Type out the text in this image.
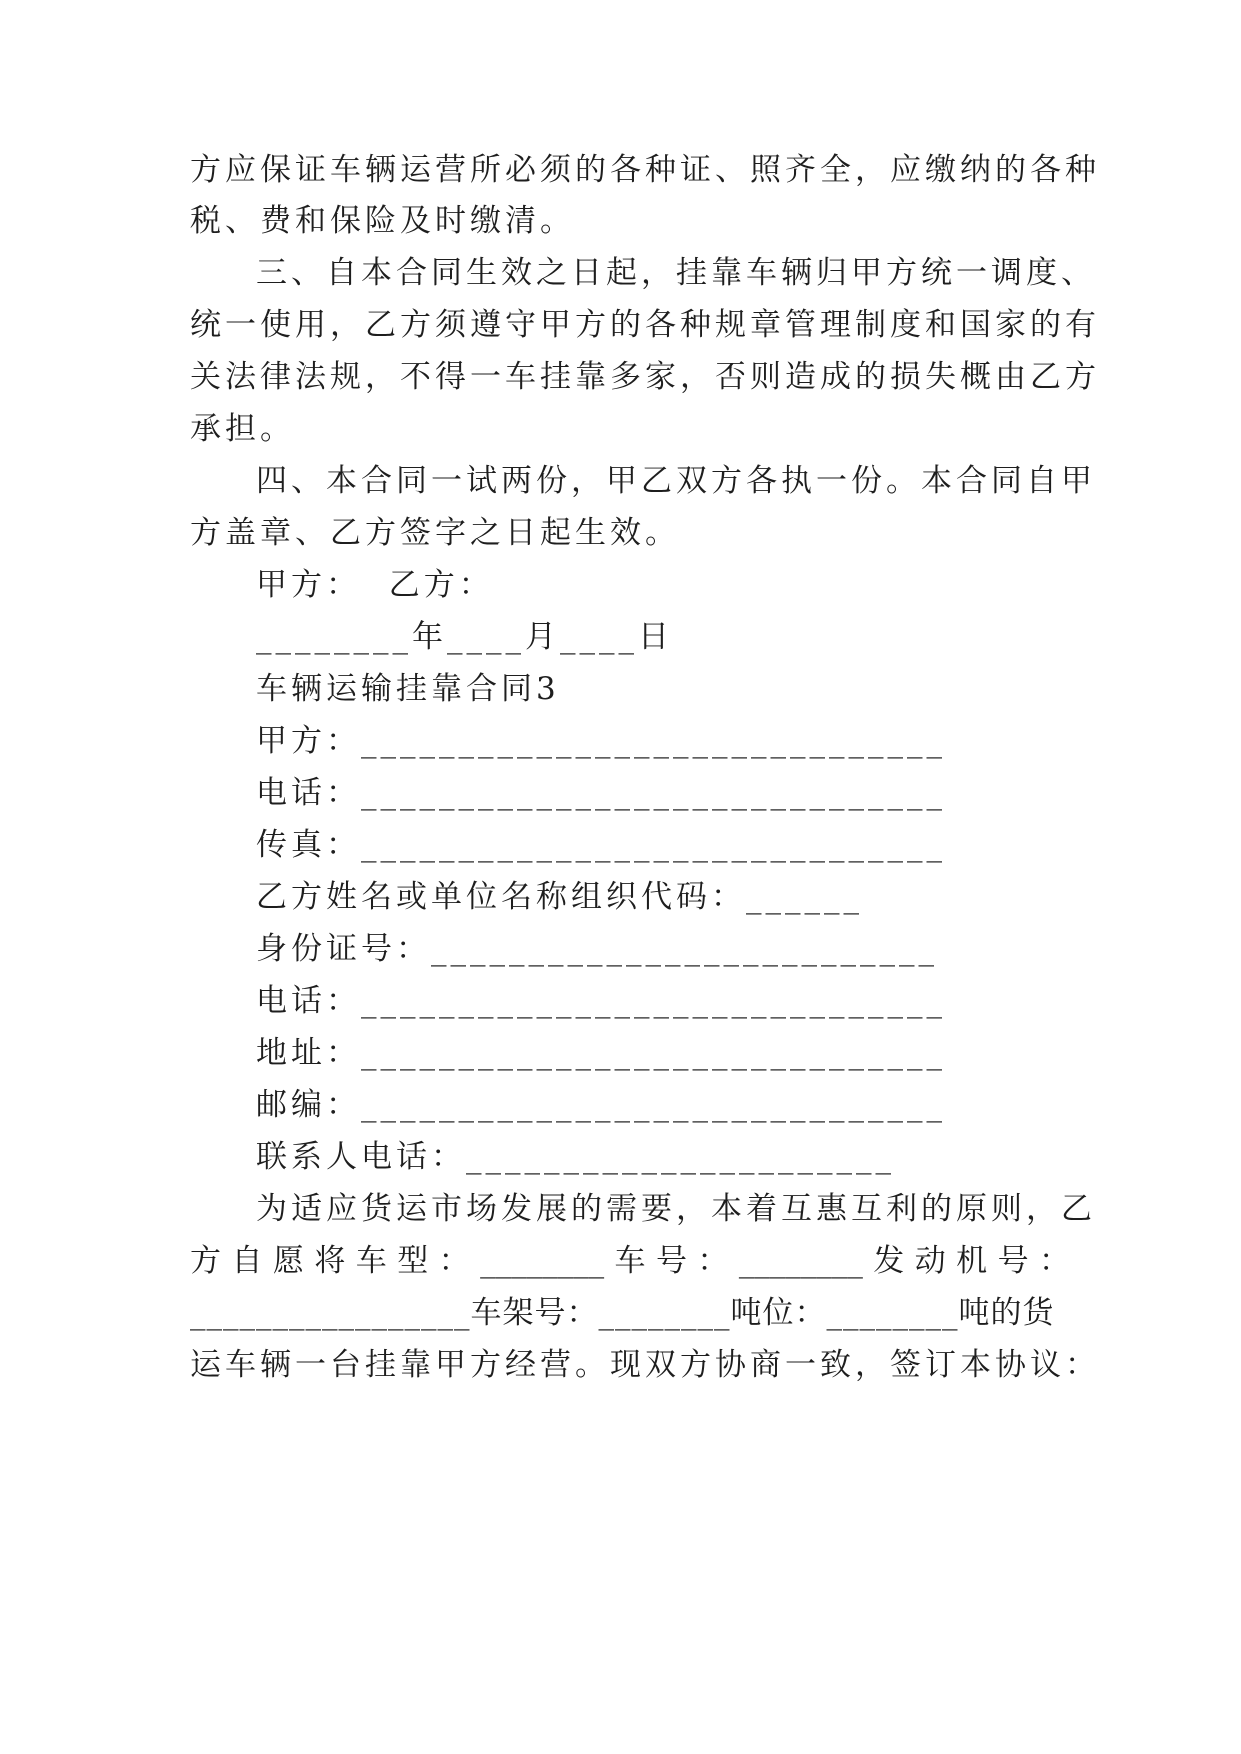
方应保证车辆运营所必须的各种证、照齐全，应缴纳的各种
税、费和保险及时缴清。
三、自本合同生效之日起，挂靠车辆归甲方统一调度、
统一使用，乙方须遵守甲方的各种规章管理制度和国家的有
关法律法规，不得一车挂靠多家，否则造成的损失概由乙方
承担。
四、本合同一试两份，甲乙双方各执一份。本合同自甲
方盖章、乙方签字之日起生效。
甲方：  乙方：
________年____月____日
车辆运输挂靠合同3
甲方：______________________________
电话：______________________________
传真：______________________________
乙方姓名或单位名称组织代码：______
身份证号：__________________________
电话：______________________________
地址：______________________________
邮编：______________________________
联系人电话：______________________
为适应货运市场发展的需要，本着互惠互利的原则，乙
方 自 愿 将 车 型 ： ________ 车 号 ： ________ 发 动 机 号 ：
_________________车架号：________吨位：________吨的货
运车辆一台挂靠甲方经营。现双方协商一致，签订本协议：
